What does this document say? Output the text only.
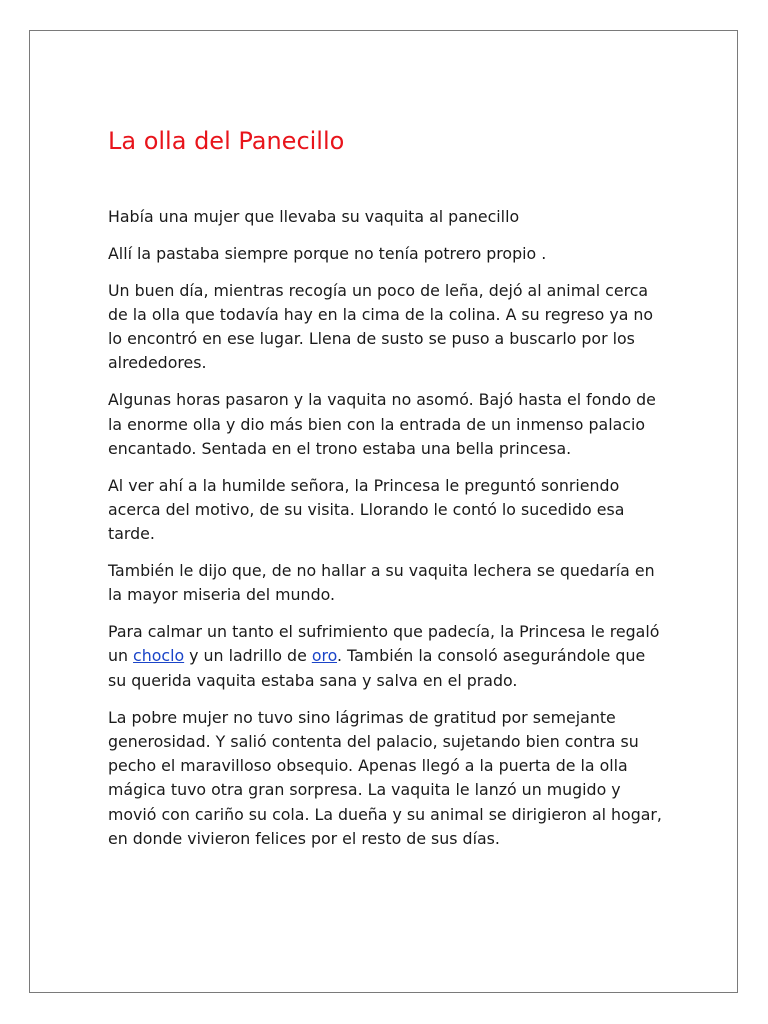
La olla del Panecillo

Había una mujer que llevaba su vaquita al panecillo

Allí la pastaba siempre porque no tenía potrero propio .

Un buen día, mientras recogía un poco de leña, dejó al animal cerca de la olla que todavía hay en la cima de la colina. A su regreso ya no lo encontró en ese lugar. Llena de susto se puso a buscarlo por los alrededores.

Algunas horas pasaron y la vaquita no asomó. Bajó hasta el fondo de la enorme olla y dio más bien con la entrada de un inmenso palacio encantado. Sentada en el trono estaba una bella princesa.

Al ver ahí a la humilde señora, la Princesa le preguntó sonriendo acerca del motivo, de su visita. Llorando le contó lo sucedido esa tarde.

También le dijo que, de no hallar a su vaquita lechera se quedaría en la mayor miseria del mundo.

Para calmar un tanto el sufrimiento que padecía, la Princesa le regaló un choclo y un ladrillo de oro. También la consoló asegurándole que su querida vaquita estaba sana y salva en el prado.

La pobre mujer no tuvo sino lágrimas de gratitud por semejante generosidad. Y salió contenta del palacio, sujetando bien contra su pecho el maravilloso obsequio. Apenas llegó a la puerta de la olla mágica tuvo otra gran sorpresa. La vaquita le lanzó un mugido y movió con cariño su cola. La dueña y su animal se dirigieron al hogar, en donde vivieron felices por el resto de sus días.
